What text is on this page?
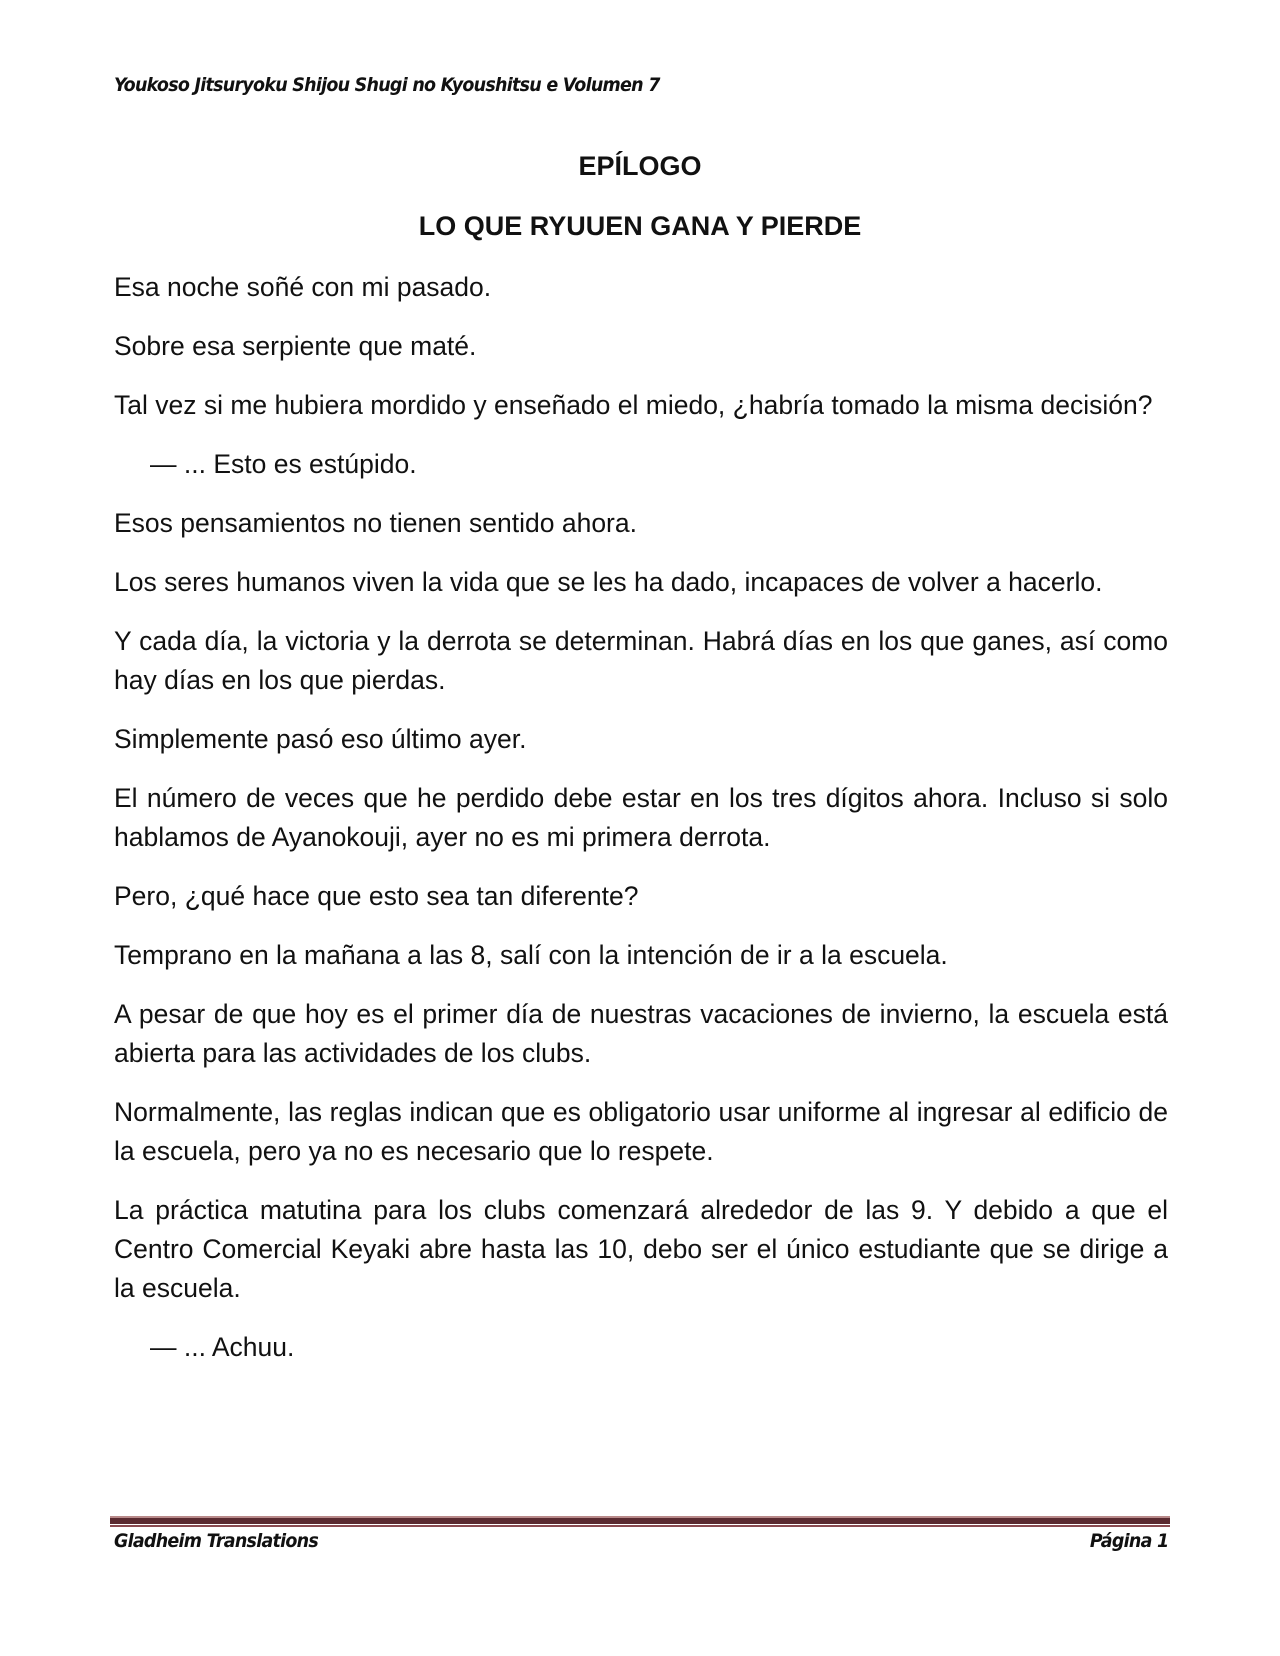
Youkoso Jitsuryoku Shijou Shugi no Kyoushitsu e Volumen 7
EPÍLOGO
LO QUE RYUUEN GANA Y PIERDE

Esa noche soñé con mi pasado.

Sobre esa serpiente que maté.

Tal vez si me hubiera mordido y enseñado el miedo, ¿habría tomado la misma decisión?

— ... Esto es estúpido.

Esos pensamientos no tienen sentido ahora.

Los seres humanos viven la vida que se les ha dado, incapaces de volver a hacerlo.

Y cada día, la victoria y la derrota se determinan. Habrá días en los que ganes, así como hay días en los que pierdas.

Simplemente pasó eso último ayer.

El número de veces que he perdido debe estar en los tres dígitos ahora. Incluso si solo hablamos de Ayanokouji, ayer no es mi primera derrota.

Pero, ¿qué hace que esto sea tan diferente?

Temprano en la mañana a las 8, salí con la intención de ir a la escuela.

A pesar de que hoy es el primer día de nuestras vacaciones de invierno, la escuela está abierta para las actividades de los clubs.

Normalmente, las reglas indican que es obligatorio usar uniforme al ingresar al edificio de la escuela, pero ya no es necesario que lo respete.

La práctica matutina para los clubs comenzará alrededor de las 9. Y debido a que el Centro Comercial Keyaki abre hasta las 10, debo ser el único estudiante que se dirige a la escuela.

— ... Achuu.

Gladheim Translations	Página 1
